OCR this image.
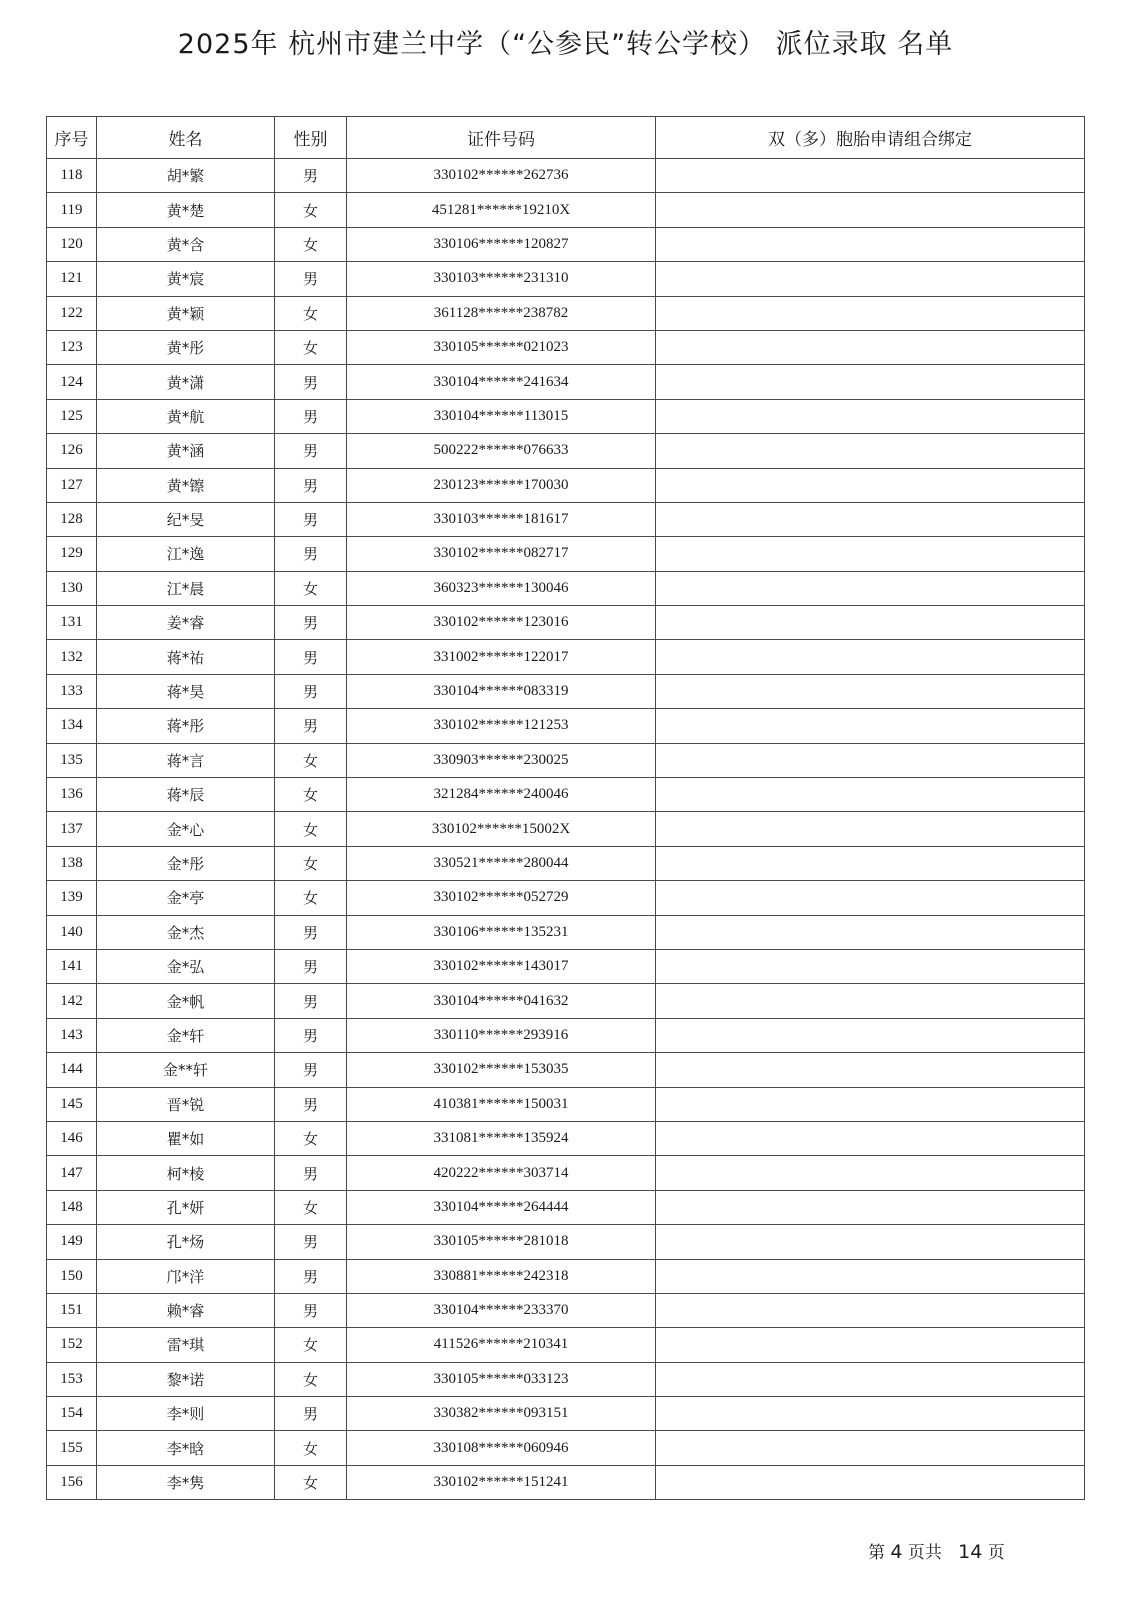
2025年 杭州市建兰中学（“公参民”转公学校） 派位录取 名单
序号	姓名	性别	证件号码	双（多）胞胎申请组合绑定
118	胡*繁	男	330102******262736	
119	黄*楚	女	451281******19210X	
120	黄*含	女	330106******120827	
121	黄*宸	男	330103******231310	
122	黄*颖	女	361128******238782	
123	黄*彤	女	330105******021023	
124	黄*潇	男	330104******241634	
125	黄*航	男	330104******113015	
126	黄*涵	男	500222******076633	
127	黄*镲	男	230123******170030	
128	纪*旻	男	330103******181617	
129	江*逸	男	330102******082717	
130	江*晨	女	360323******130046	
131	姜*睿	男	330102******123016	
132	蒋*祐	男	331002******122017	
133	蒋*昊	男	330104******083319	
134	蒋*彤	男	330102******121253	
135	蒋*言	女	330903******230025	
136	蒋*辰	女	321284******240046	
137	金*心	女	330102******15002X	
138	金*彤	女	330521******280044	
139	金*亭	女	330102******052729	
140	金*杰	男	330106******135231	
141	金*弘	男	330102******143017	
142	金*帆	男	330104******041632	
143	金*轩	男	330110******293916	
144	金**轩	男	330102******153035	
145	晋*锐	男	410381******150031	
146	瞿*如	女	331081******135924	
147	柯*棱	男	420222******303714	
148	孔*妍	女	330104******264444	
149	孔*炀	男	330105******281018	
150	邝*洋	男	330881******242318	
151	赖*睿	男	330104******233370	
152	雷*琪	女	411526******210341	
153	黎*诺	女	330105******033123	
154	李*则	男	330382******093151	
155	李*晗	女	330108******060946	
156	李*隽	女	330102******151241	
第 4 页共 14 页
